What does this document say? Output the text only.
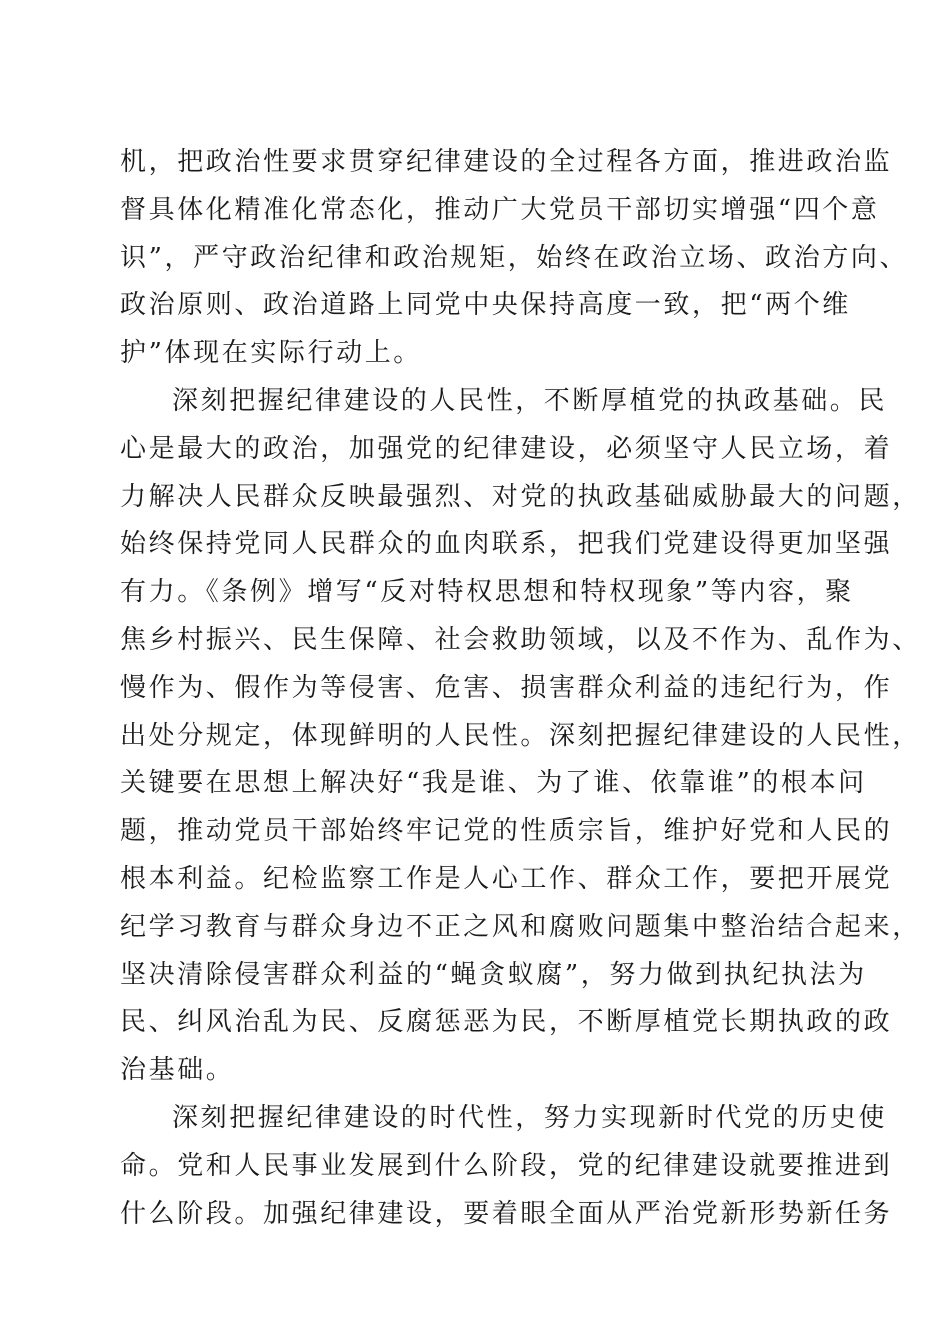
机，把政治性要求贯穿纪律建设的全过程各方面，推进政治监
督具体化精准化常态化，推动广大党员干部切实增强“四个意
识”，严守政治纪律和政治规矩，始终在政治立场、政治方向、
政治原则、政治道路上同党中央保持高度一致，把“两个维
护”体现在实际行动上。
深刻把握纪律建设的人民性，不断厚植党的执政基础。民
心是最大的政治，加强党的纪律建设，必须坚守人民立场，着
力解决人民群众反映最强烈、对党的执政基础威胁最大的问题，
始终保持党同人民群众的血肉联系，把我们党建设得更加坚强
有力。《条例》增写“反对特权思想和特权现象”等内容，聚
焦乡村振兴、民生保障、社会救助领域，以及不作为、乱作为、
慢作为、假作为等侵害、危害、损害群众利益的违纪行为，作
出处分规定，体现鲜明的人民性。深刻把握纪律建设的人民性，
关键要在思想上解决好“我是谁、为了谁、依靠谁”的根本问
题，推动党员干部始终牢记党的性质宗旨，维护好党和人民的
根本利益。纪检监察工作是人心工作、群众工作，要把开展党
纪学习教育与群众身边不正之风和腐败问题集中整治结合起来，
坚决清除侵害群众利益的“蝇贪蚁腐”，努力做到执纪执法为
民、纠风治乱为民、反腐惩恶为民，不断厚植党长期执政的政
治基础。
深刻把握纪律建设的时代性，努力实现新时代党的历史使
命。党和人民事业发展到什么阶段，党的纪律建设就要推进到
什么阶段。加强纪律建设，要着眼全面从严治党新形势新任务
